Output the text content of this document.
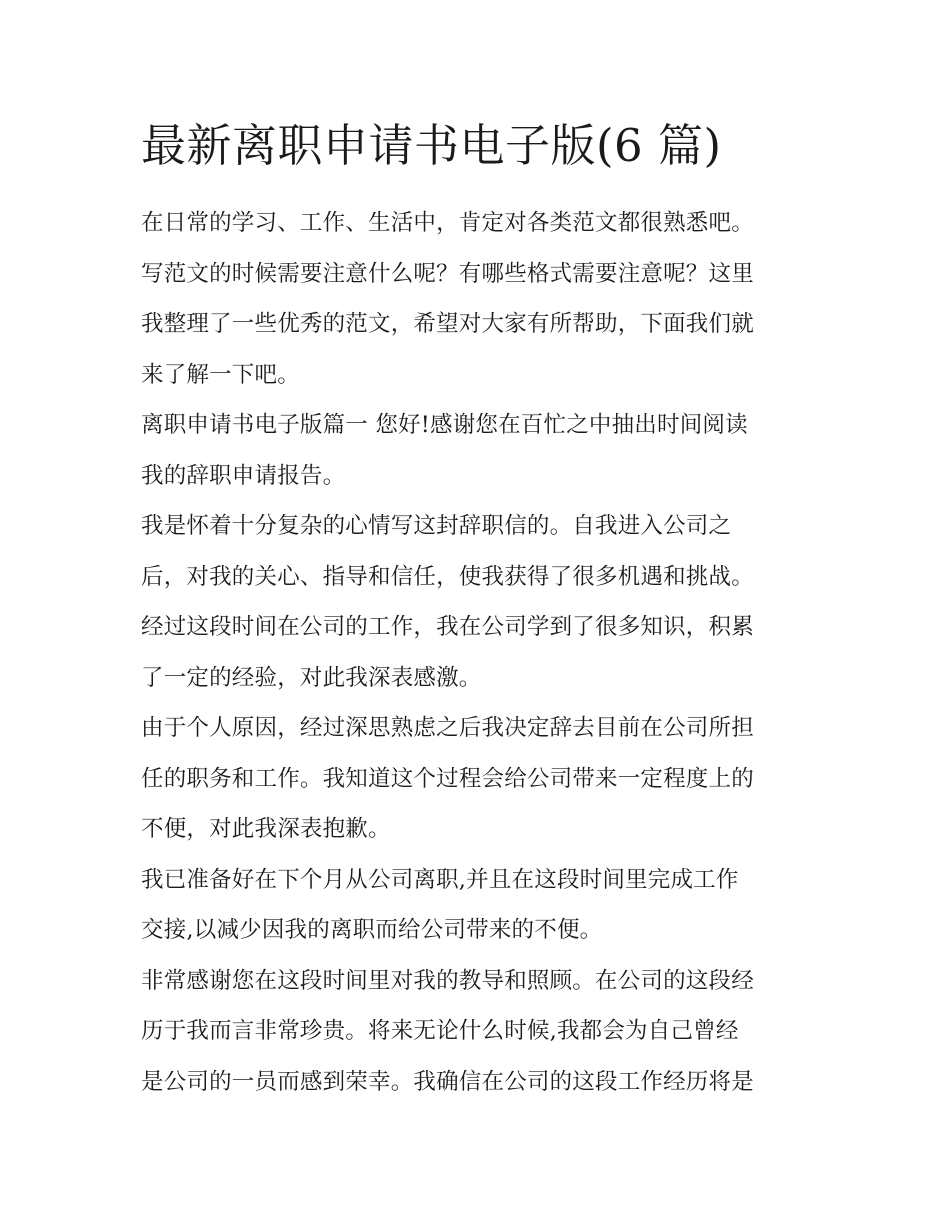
最新离职申请书电子版(6 篇)

在日常的学习、工作、生活中，肯定对各类范文都很熟悉吧。
写范文的时候需要注意什么呢？有哪些格式需要注意呢？这里
我整理了一些优秀的范文，希望对大家有所帮助，下面我们就
来了解一下吧。

离职申请书电子版篇一 您好!感谢您在百忙之中抽出时间阅读
我的辞职申请报告。

我是怀着十分复杂的心情写这封辞职信的。自我进入公司之
后，对我的关心、指导和信任，使我获得了很多机遇和挑战。
经过这段时间在公司的工作，我在公司学到了很多知识，积累
了一定的经验，对此我深表感激。

由于个人原因，经过深思熟虑之后我决定辞去目前在公司所担
任的职务和工作。我知道这个过程会给公司带来一定程度上的
不便，对此我深表抱歉。

我已准备好在下个月从公司离职,并且在这段时间里完成工作
交接,以减少因我的离职而给公司带来的不便。

非常感谢您在这段时间里对我的教导和照顾。在公司的这段经
历于我而言非常珍贵。将来无论什么时候,我都会为自己曾经
是公司的一员而感到荣幸。我确信在公司的这段工作经历将是
